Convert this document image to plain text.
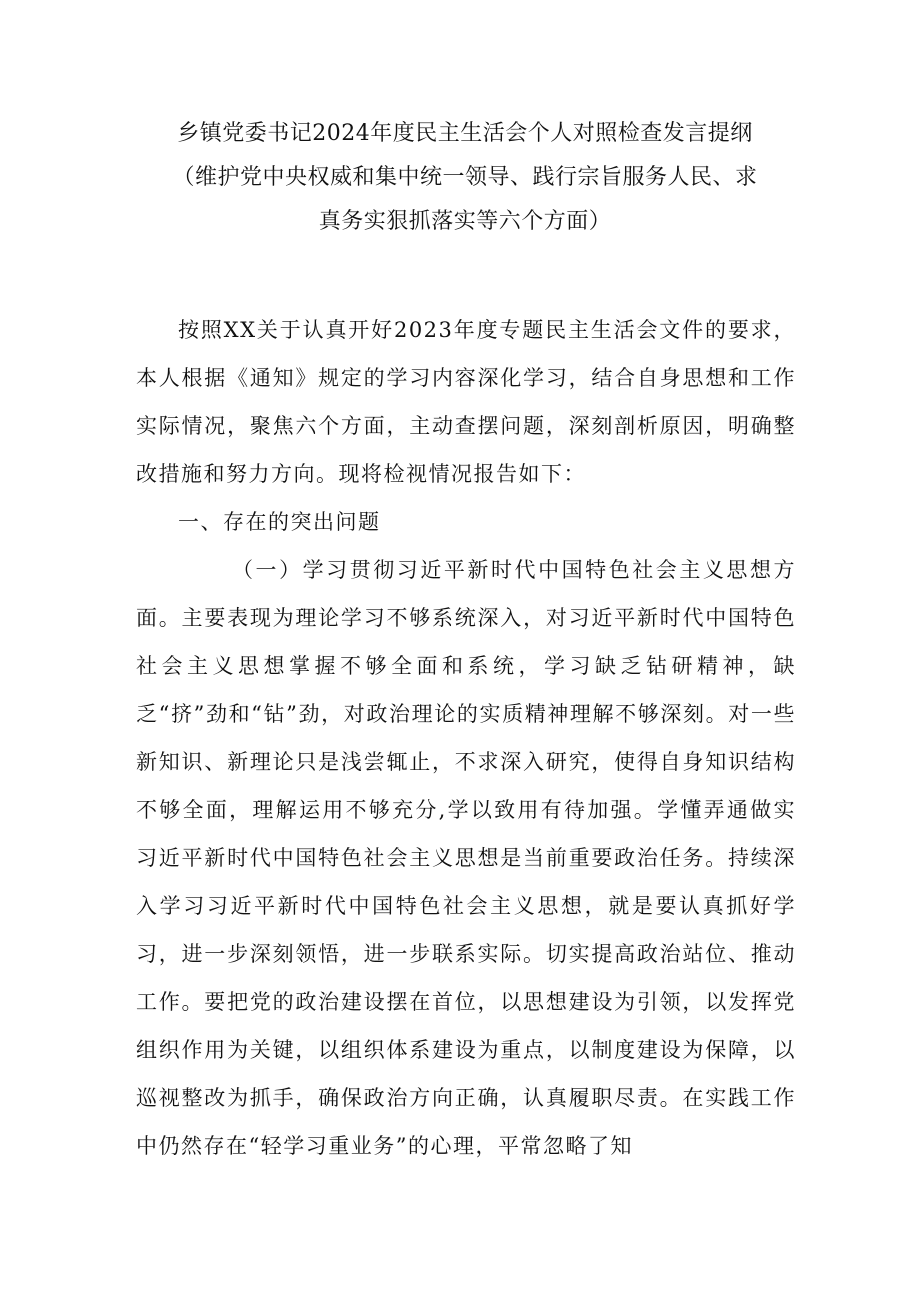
乡镇党委书记2024年度民主生活会个人对照检查发言提纲
（维护党中央权威和集中统一领导、践行宗旨服务人民、求
真务实狠抓落实等六个方面）

按照XX关于认真开好2023年度专题民主生活会文件的要求，本人根据《通知》规定的学习内容深化学习，结合自身思想和工作实际情况，聚焦六个方面，主动查摆问题，深刻剖析原因，明确整改措施和努力方向。现将检视情况报告如下：

一、存在的突出问题

（一）学习贯彻习近平新时代中国特色社会主义思想方面。主要表现为理论学习不够系统深入，对习近平新时代中国特色社会主义思想掌握不够全面和系统，学习缺乏钻研精神，缺乏“挤”劲和“钻”劲，对政治理论的实质精神理解不够深刻。对一些新知识、新理论只是浅尝辄止，不求深入研究，使得自身知识结构不够全面，理解运用不够充分,学以致用有待加强。学懂弄通做实习近平新时代中国特色社会主义思想是当前重要政治任务。持续深入学习习近平新时代中国特色社会主义思想，就是要认真抓好学习，进一步深刻领悟，进一步联系实际。切实提高政治站位、推动工作。要把党的政治建设摆在首位，以思想建设为引领，以发挥党组织作用为关键，以组织体系建设为重点，以制度建设为保障，以巡视整改为抓手，确保政治方向正确，认真履职尽责。在实践工作中仍然存在“轻学习重业务”的心理，平常忽略了知
